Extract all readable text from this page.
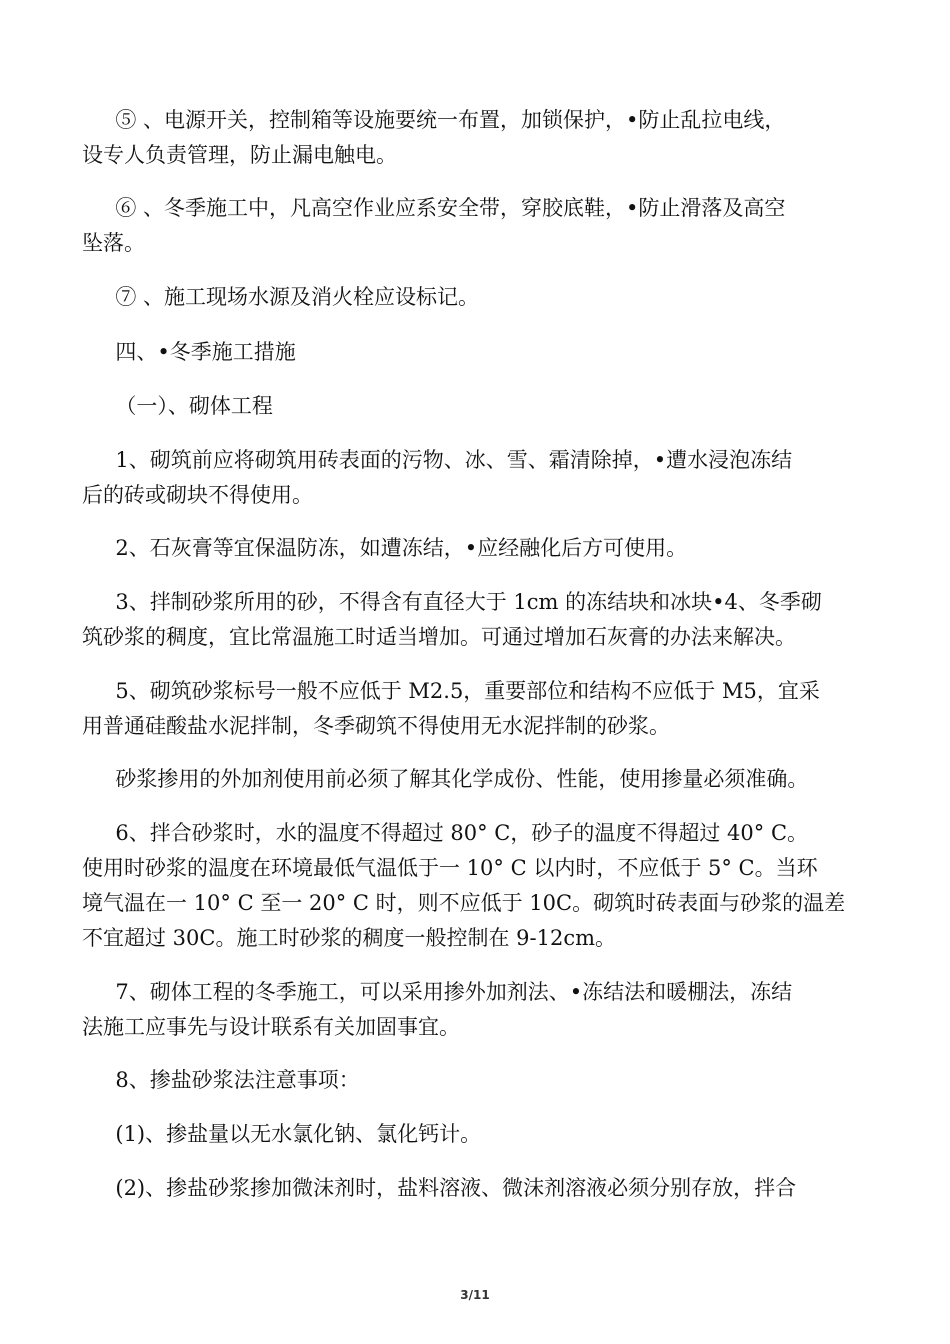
⑤ 、电源开关，控制箱等设施要统一布置，加锁保护，•防止乱拉电线，
设专人负责管理，防止漏电触电。

⑥ 、冬季施工中，凡高空作业应系安全带，穿胶底鞋，•防止滑落及高空
坠落。

⑦ 、施工现场水源及消火栓应设标记。

四、•冬季施工措施

（一）、砌体工程

1、砌筑前应将砌筑用砖表面的污物、冰、雪、霜清除掉，•遭水浸泡冻结
后的砖或砌块不得使用。

2、石灰膏等宜保温防冻，如遭冻结，•应经融化后方可使用。

3、拌制砂浆所用的砂，不得含有直径大于 1cm 的冻结块和冰块•4、冬季砌
筑砂浆的稠度，宜比常温施工时适当增加。可通过增加石灰膏的办法来解决。

5、砌筑砂浆标号一般不应低于 M2.5，重要部位和结构不应低于 M5，宜采
用普通硅酸盐水泥拌制，冬季砌筑不得使用无水泥拌制的砂浆。

砂浆掺用的外加剂使用前必须了解其化学成份、性能，使用掺量必须准确。

6、拌合砂浆时，水的温度不得超过 80° C，砂子的温度不得超过 40° C。
使用时砂浆的温度在环境最低气温低于一 10° C 以内时，不应低于 5° C。当环
境气温在一 10° C 至一 20° C 时，则不应低于 10C。砌筑时砖表面与砂浆的温差
不宜超过 30C。施工时砂浆的稠度一般控制在 9-12cm。

7、砌体工程的冬季施工，可以采用掺外加剂法、•冻结法和暖棚法，冻结
法施工应事先与设计联系有关加固事宜。

8、掺盐砂浆法注意事项：

(1)、掺盐量以无水氯化钠、氯化钙计。

(2)、掺盐砂浆掺加微沫剂时，盐料溶液、微沫剂溶液必须分别存放，拌合

3/11
